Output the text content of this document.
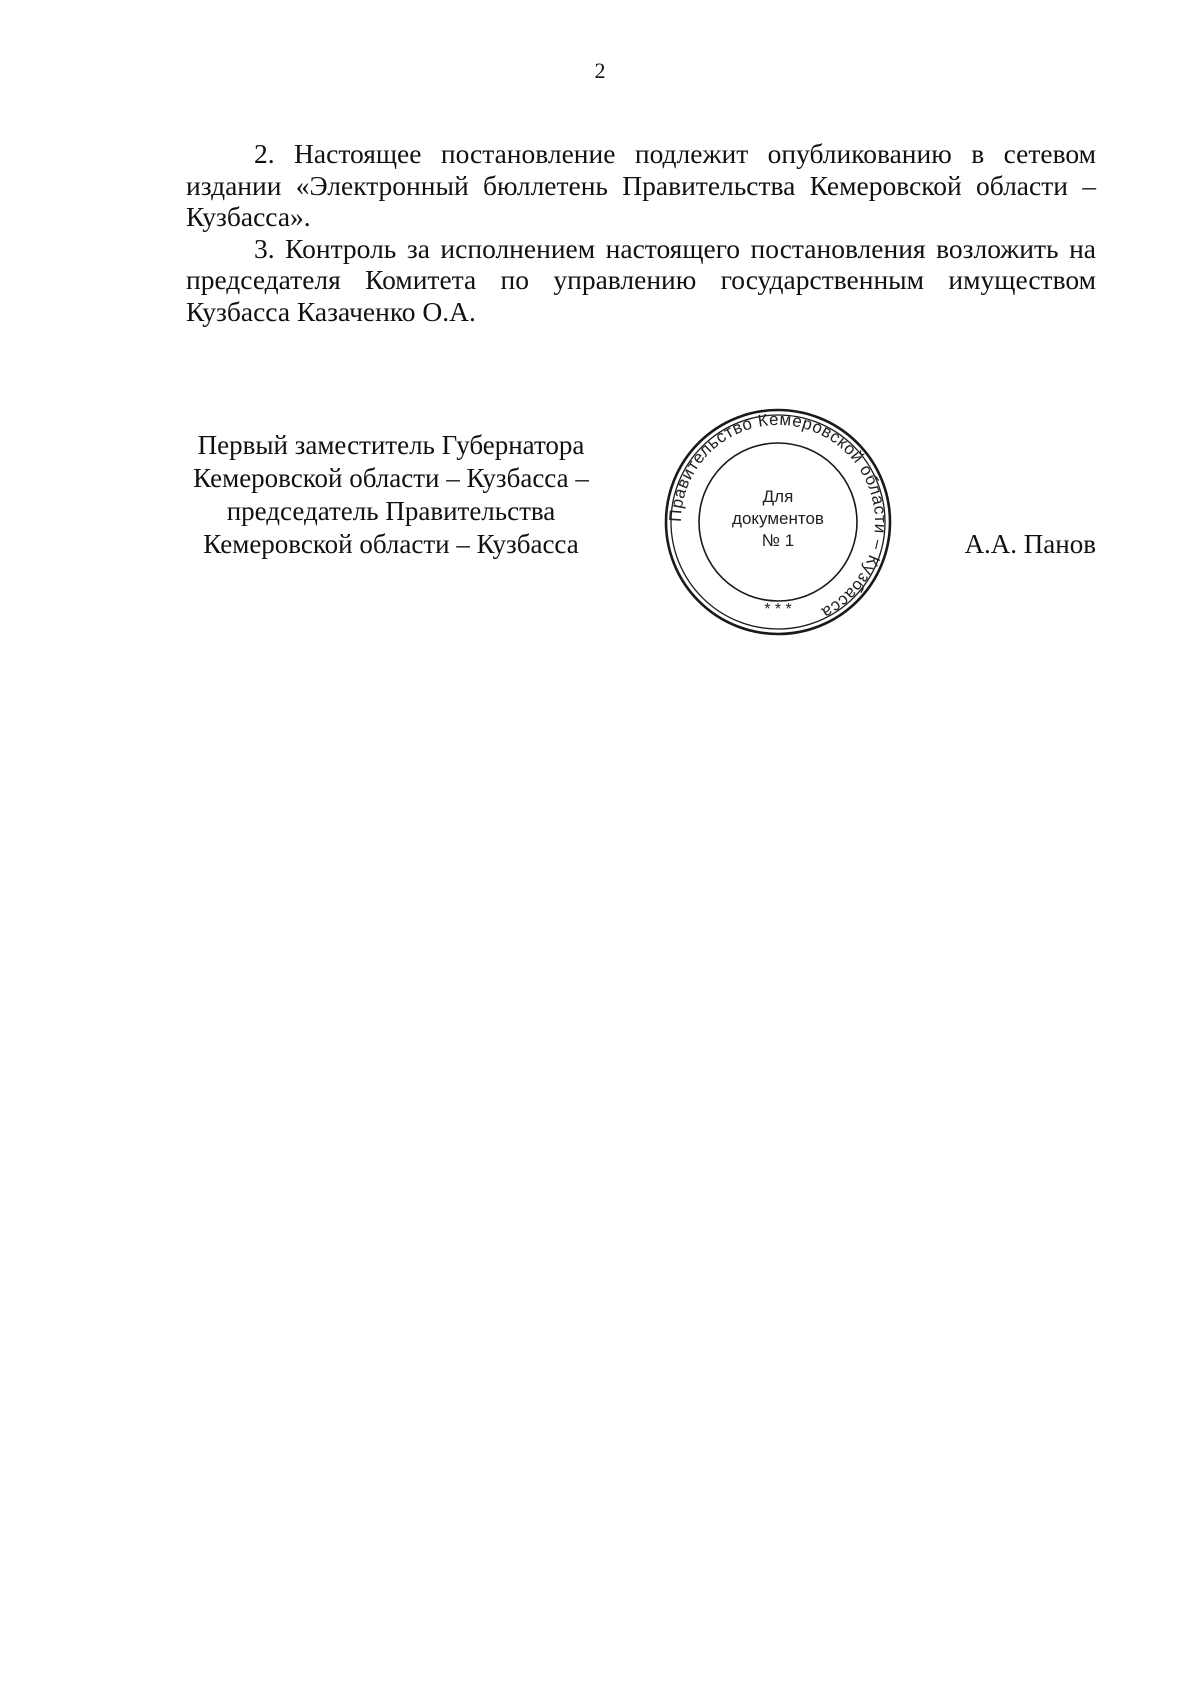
2

2. Настоящее постановление подлежит опубликованию в сетевом издании «Электронный бюллетень Правительства Кемеровской области – Кузбасса».

3. Контроль за исполнением настоящего постановления возложить на председателя Комитета по управлению государственным имуществом Кузбасса Казаченко О.А.

Первый заместитель Губернатора
Кемеровской области – Кузбасса –
председатель Правительства
Кемеровской области – Кузбасса
Правительство Кемеровской области – Кузбасса
Для
документов
№ 1
* * *
А.А. Панов
